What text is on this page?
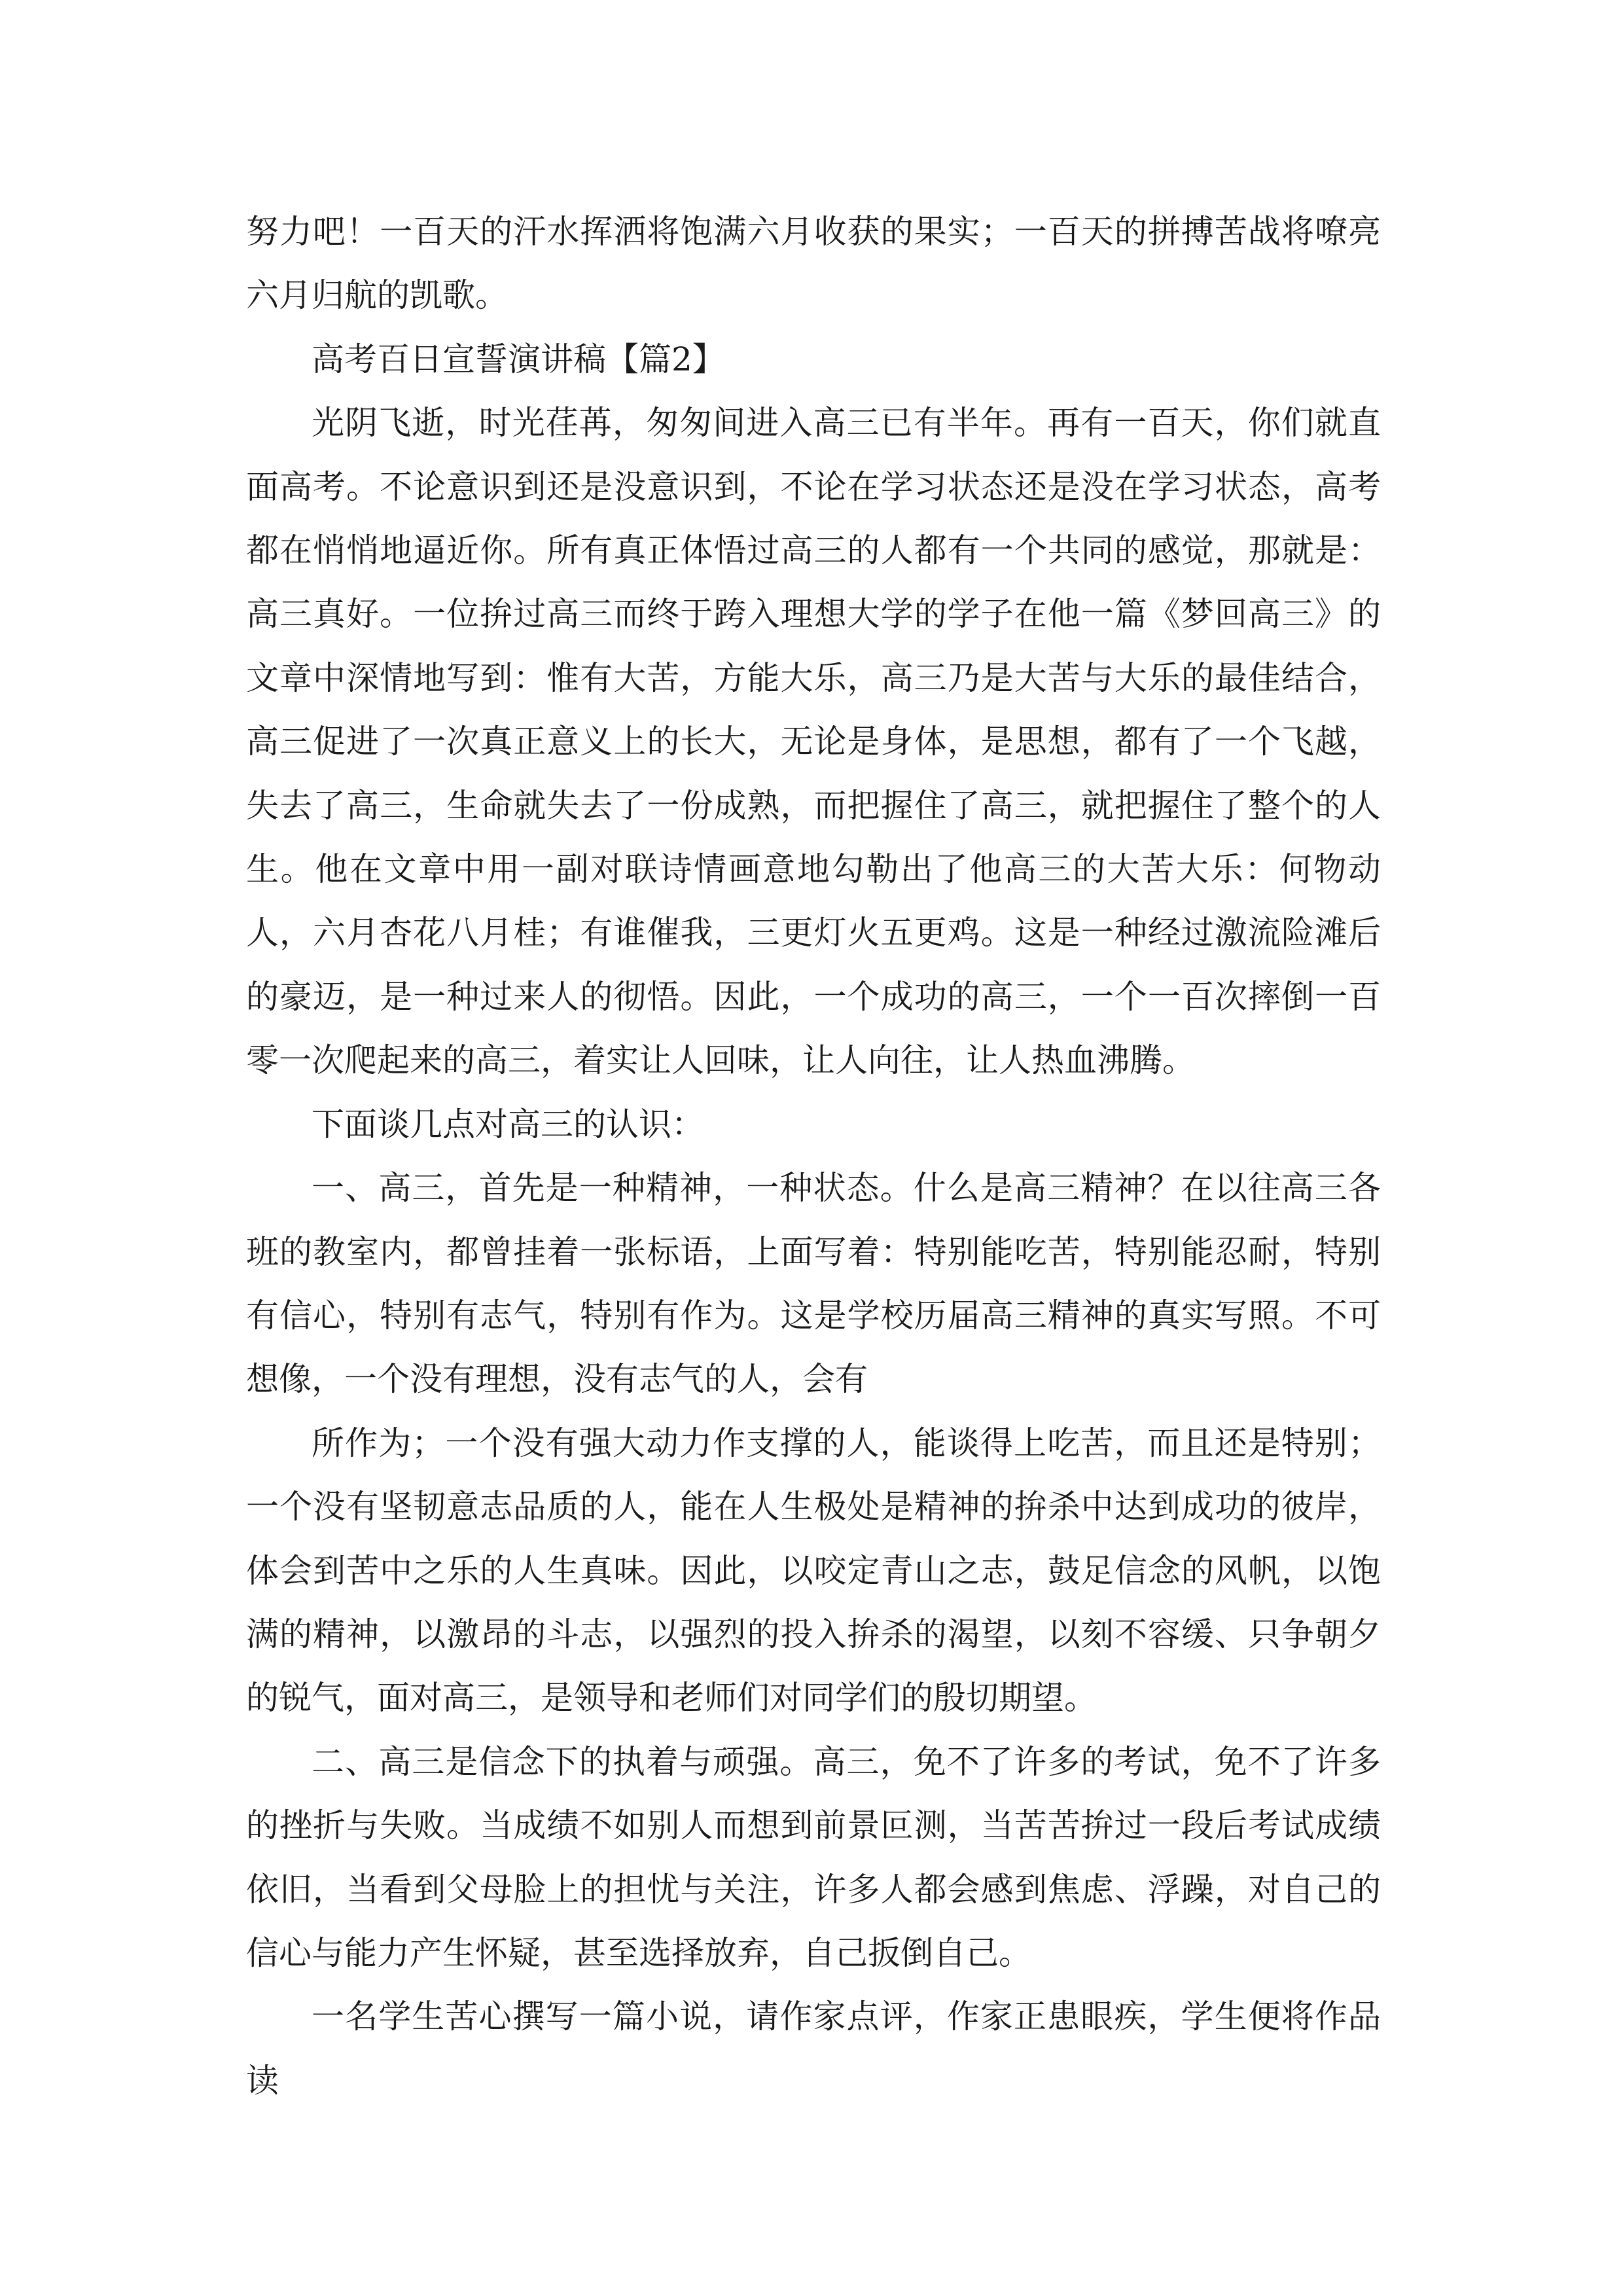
努力吧！一百天的汗水挥洒将饱满六月收获的果实；一百天的拼搏苦战将嘹亮六月归航的凯歌。

高考百日宣誓演讲稿【篇2】

光阴飞逝，时光荏苒，匆匆间进入高三已有半年。再有一百天，你们就直面高考。不论意识到还是没意识到，不论在学习状态还是没在学习状态，高考都在悄悄地逼近你。所有真正体悟过高三的人都有一个共同的感觉，那就是：高三真好。一位拚过高三而终于跨入理想大学的学子在他一篇《梦回高三》的文章中深情地写到：惟有大苦，方能大乐，高三乃是大苦与大乐的最佳结合，高三促进了一次真正意义上的长大，无论是身体，是思想，都有了一个飞越，失去了高三，生命就失去了一份成熟，而把握住了高三，就把握住了整个的人生。他在文章中用一副对联诗情画意地勾勒出了他高三的大苦大乐：何物动人，六月杏花八月桂；有谁催我，三更灯火五更鸡。这是一种经过激流险滩后的豪迈，是一种过来人的彻悟。因此，一个成功的高三，一个一百次摔倒一百零一次爬起来的高三，着实让人回味，让人向往，让人热血沸腾。

下面谈几点对高三的认识：

一、高三，首先是一种精神，一种状态。什么是高三精神？在以往高三各班的教室内，都曾挂着一张标语，上面写着：特别能吃苦，特别能忍耐，特别有信心，特别有志气，特别有作为。这是学校历届高三精神的真实写照。不可想像，一个没有理想，没有志气的人，会有

所作为；一个没有强大动力作支撑的人，能谈得上吃苦，而且还是特别；一个没有坚韧意志品质的人，能在人生极处是精神的拚杀中达到成功的彼岸，体会到苦中之乐的人生真味。因此，以咬定青山之志，鼓足信念的风帆，以饱满的精神，以激昂的斗志，以强烈的投入拚杀的渴望，以刻不容缓、只争朝夕的锐气，面对高三，是领导和老师们对同学们的殷切期望。

二、高三是信念下的执着与顽强。高三，免不了许多的考试，免不了许多的挫折与失败。当成绩不如别人而想到前景叵测，当苦苦拚过一段后考试成绩依旧，当看到父母脸上的担忧与关注，许多人都会感到焦虑、浮躁，对自己的信心与能力产生怀疑，甚至选择放弃，自己扳倒自己。

一名学生苦心撰写一篇小说，请作家点评，作家正患眼疾，学生便将作品读
